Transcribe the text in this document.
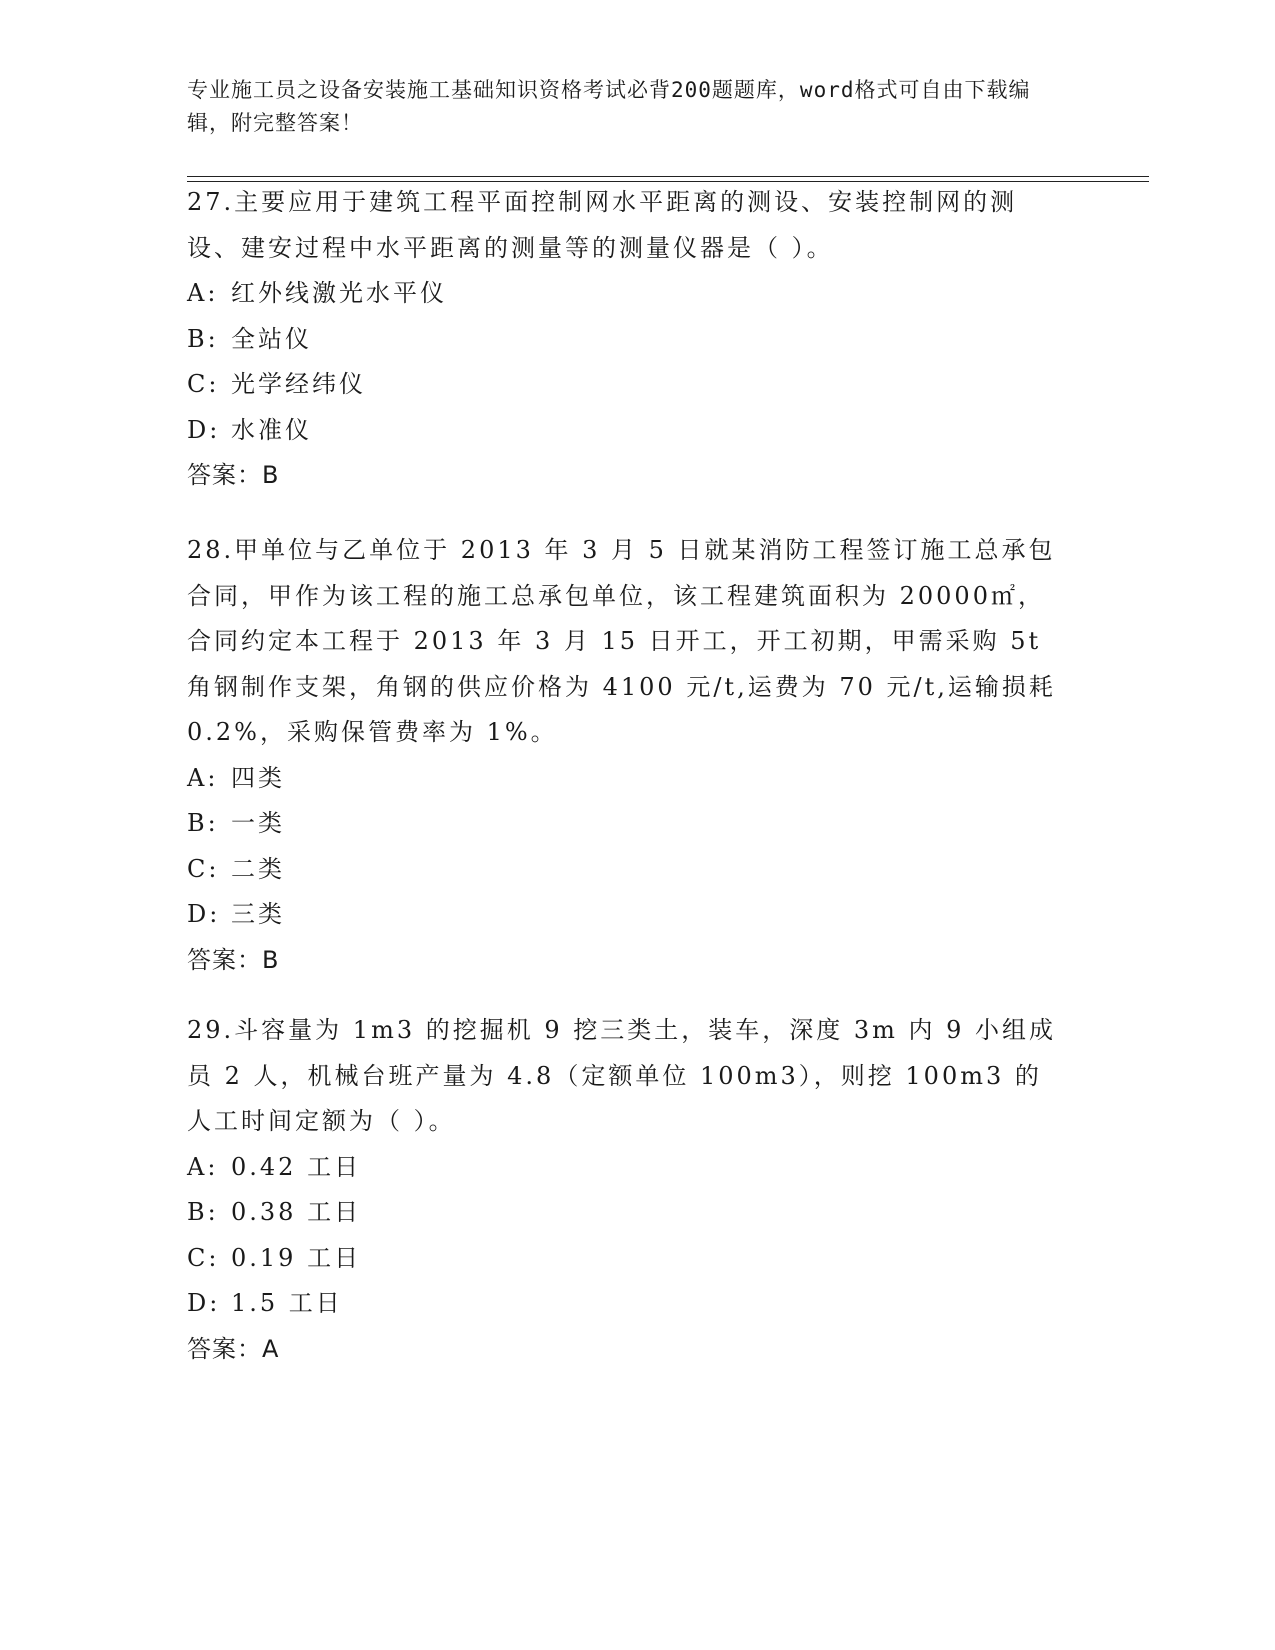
专业施工员之设备安装施工基础知识资格考试必背200题题库，word格式可自由下载编辑，附完整答案！

27.主要应用于建筑工程平面控制网水平距离的测设、安装控制网的测设、建安过程中水平距离的测量等的测量仪器是（ ）。

A: 红外线激光水平仪

B: 全站仪

C: 光学经纬仪

D: 水准仪

答案：B

28.甲单位与乙单位于 2013 年 3 月 5 日就某消防工程签订施工总承包合同，甲作为该工程的施工总承包单位，该工程建筑面积为 20000㎡，合同约定本工程于 2013 年 3 月 15 日开工，开工初期，甲需采购 5t 角钢制作支架，角钢的供应价格为 4100 元/t,运费为 70 元/t,运输损耗 0.2%，采购保管费率为 1%。

A: 四类

B: 一类

C: 二类

D: 三类

答案：B

29.斗容量为 1m3 的挖掘机 9 挖三类土，装车，深度 3m 内 9 小组成员 2 人，机械台班产量为 4.8（定额单位 100m3），则挖 100m3 的人工时间定额为（ ）。

A: 0.42 工日

B: 0.38 工日

C: 0.19 工日

D: 1.5 工日

答案：A
